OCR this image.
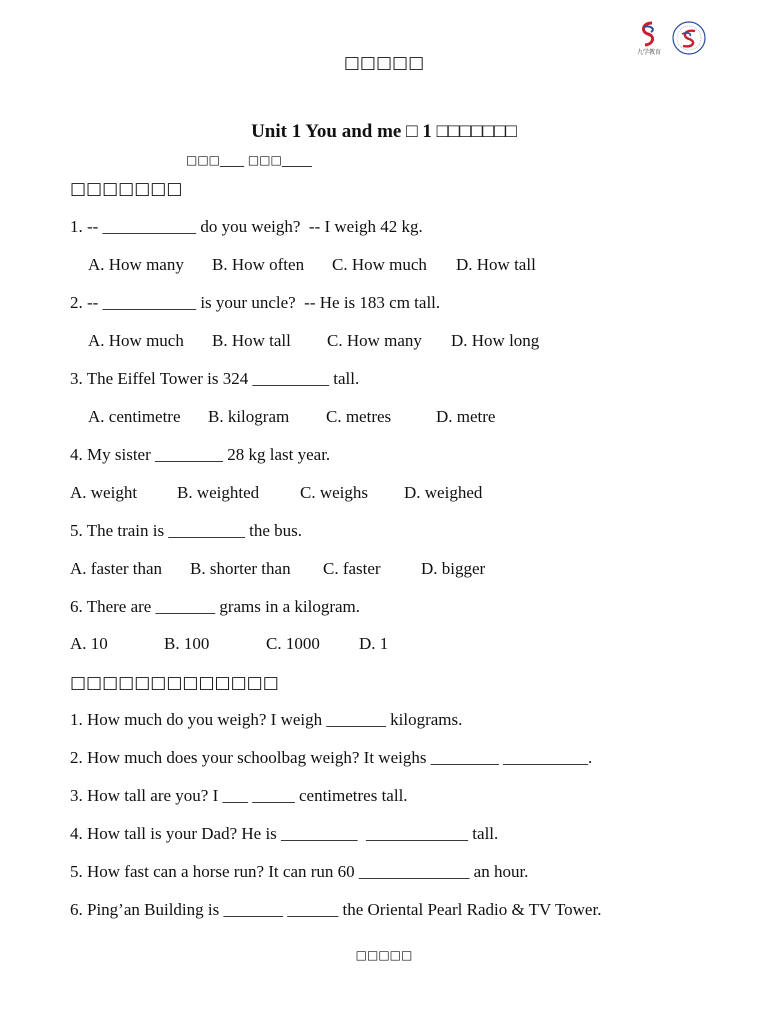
九学教育
□□□□□
Unit 1 You and me □ 1 □□□□□□□
□□□____ □□□_____
□□□□□□□
1. -- ___________ do you weigh?  -- I weigh 42 kg.
A. How many B. How often C. How much D. How tall
2. -- ___________ is your uncle?  -- He is 183 cm tall.
A. How much B. How tall C. How many D. How long
3. The Eiffel Tower is 324 _________ tall.
A. centimetre B. kilogram C. metres	D. metre
4. My sister ________ 28 kg last year.
A. weight B. weighted C. weighs D. weighed
5. The train is _________ the bus.
A. faster than B. shorter than C. faster D. bigger
6. There are _______ grams in a kilogram.
A. 10	B. 100	C. 1000 D. 1
□□□□□□□□□□□□□
1. How much do you weigh? I weigh _______ kilograms.
2. How much does your schoolbag weigh? It weighs ________ __________.
3. How tall are you? I ___ _____ centimetres tall.
4. How tall is your Dad? He is _________  ____________ tall.
5. How fast can a horse run? It can run 60 _____________ an hour.
6. Ping’an Building is _______ ______ the Oriental Pearl Radio & TV Tower.
□□□□□
